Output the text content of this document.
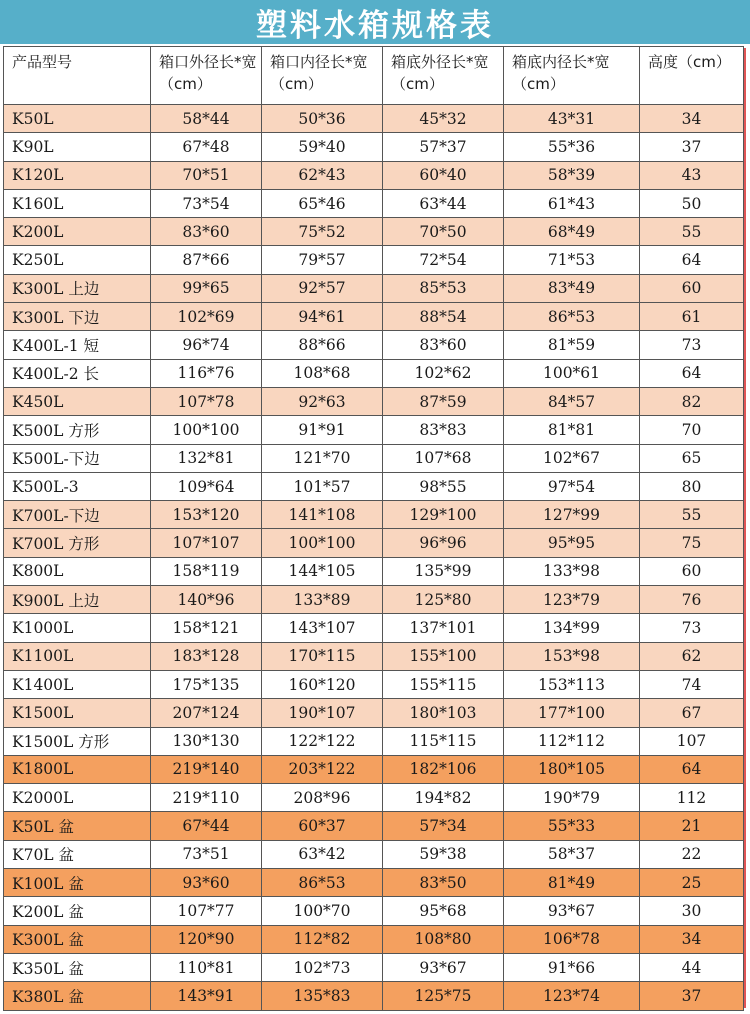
塑料水箱规格表
产品型号	箱口外径长*宽（cm）	箱口内径长*宽（cm）	箱底外径长*宽（cm）	箱底内径长*宽（cm）	高度（cm）
K50L	58*44	50*36	45*32	43*31	34
K90L	67*48	59*40	57*37	55*36	37
K120L	70*51	62*43	60*40	58*39	43
K160L	73*54	65*46	63*44	61*43	50
K200L	83*60	75*52	70*50	68*49	55
K250L	87*66	79*57	72*54	71*53	64
K300L 上边	99*65	92*57	85*53	83*49	60
K300L 下边	102*69	94*61	88*54	86*53	61
K400L-1 短	96*74	88*66	83*60	81*59	73
K400L-2 长	116*76	108*68	102*62	100*61	64
K450L	107*78	92*63	87*59	84*57	82
K500L 方形	100*100	91*91	83*83	81*81	70
K500L-下边	132*81	121*70	107*68	102*67	65
K500L-3	109*64	101*57	98*55	97*54	80
K700L-下边	153*120	141*108	129*100	127*99	55
K700L 方形	107*107	100*100	96*96	95*95	75
K800L	158*119	144*105	135*99	133*98	60
K900L 上边	140*96	133*89	125*80	123*79	76
K1000L	158*121	143*107	137*101	134*99	73
K1100L	183*128	170*115	155*100	153*98	62
K1400L	175*135	160*120	155*115	153*113	74
K1500L	207*124	190*107	180*103	177*100	67
K1500L 方形	130*130	122*122	115*115	112*112	107
K1800L	219*140	203*122	182*106	180*105	64
K2000L	219*110	208*96	194*82	190*79	112
K50L 盆	67*44	60*37	57*34	55*33	21
K70L 盆	73*51	63*42	59*38	58*37	22
K100L 盆	93*60	86*53	83*50	81*49	25
K200L 盆	107*77	100*70	95*68	93*67	30
K300L 盆	120*90	112*82	108*80	106*78	34
K350L 盆	110*81	102*73	93*67	91*66	44
K380L 盆	143*91	135*83	125*75	123*74	37
